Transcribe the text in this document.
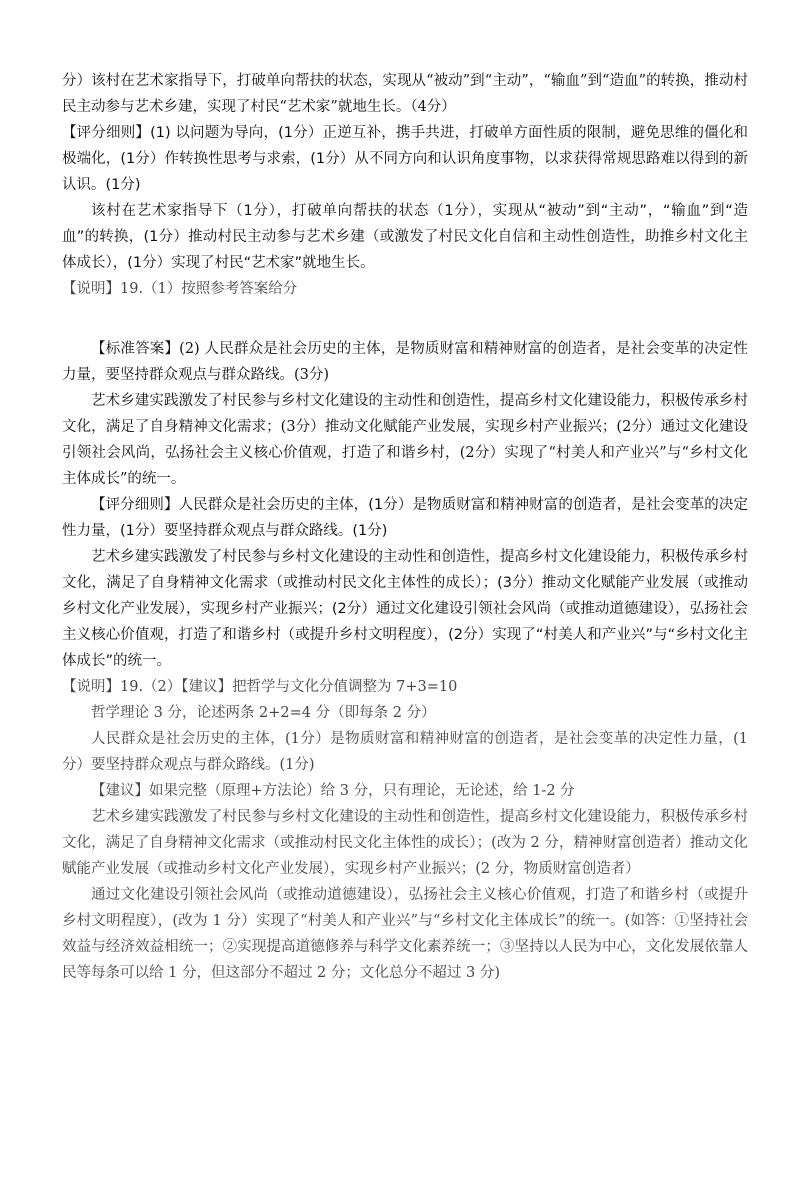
分）该村在艺术家指导下，打破单向帮扶的状态，实现从“被动”到“主动”，“输血”到“造血”的转换，推动村民主动参与艺术乡建，实现了村民“艺术家”就地生长。（4分）

【评分细则】(1) 以问题为导向，(1分）正逆互补，携手共进，打破单方面性质的限制，避免思维的僵化和极端化，(1分）作转换性思考与求索，(1分）从不同方向和认识角度事物，以求获得常规思路难以得到的新认识。(1分)

该村在艺术家指导下（1分），打破单向帮扶的状态（1分），实现从“被动”到“主动”，“输血”到“造血”的转换，(1分）推动村民主动参与艺术乡建（或激发了村民文化自信和主动性创造性，助推乡村文化主体成长），(1分）实现了村民“艺术家”就地生长。

【说明】19.（1）按照参考答案给分

【标准答案】(2) 人民群众是社会历史的主体，是物质财富和精神财富的创造者，是社会变革的决定性力量，要坚持群众观点与群众路线。(3分)

艺术乡建实践激发了村民参与乡村文化建设的主动性和创造性，提高乡村文化建设能力，积极传承乡村文化，满足了自身精神文化需求；(3分）推动文化赋能产业发展，实现乡村产业振兴；(2分）通过文化建设引领社会风尚，弘扬社会主义核心价值观，打造了和谐乡村，(2分）实现了“村美人和产业兴”与“乡村文化主体成长”的统一。

【评分细则】人民群众是社会历史的主体，(1分）是物质财富和精神财富的创造者，是社会变革的决定性力量，(1分）要坚持群众观点与群众路线。(1分)

艺术乡建实践激发了村民参与乡村文化建设的主动性和创造性，提高乡村文化建设能力，积极传承乡村文化，满足了自身精神文化需求（或推动村民文化主体性的成长）；(3分）推动文化赋能产业发展（或推动乡村文化产业发展），实现乡村产业振兴；(2分）通过文化建设引领社会风尚（或推动道德建设），弘扬社会主义核心价值观，打造了和谐乡村（或提升乡村文明程度），(2分）实现了“村美人和产业兴”与“乡村文化主体成长”的统一。

【说明】19.（2）【建议】把哲学与文化分值调整为 7+3=10

哲学理论 3 分，论述两条 2+2=4 分（即每条 2 分）

人民群众是社会历史的主体，(1分）是物质财富和精神财富的创造者，是社会变革的决定性力量，(1分）要坚持群众观点与群众路线。(1分)

【建议】如果完整（原理+方法论）给 3 分，只有理论，无论述，给 1-2 分

艺术乡建实践激发了村民参与乡村文化建设的主动性和创造性，提高乡村文化建设能力，积极传承乡村文化，满足了自身精神文化需求（或推动村民文化主体性的成长）；(改为 2 分，精神财富创造者）推动文化赋能产业发展（或推动乡村文化产业发展），实现乡村产业振兴；(2 分，物质财富创造者）

通过文化建设引领社会风尚（或推动道德建设），弘扬社会主义核心价值观，打造了和谐乡村（或提升乡村文明程度），(改为 1 分）实现了“村美人和产业兴”与“乡村文化主体成长”的统一。(如答：①坚持社会效益与经济效益相统一；②实现提高道德修养与科学文化素养统一；③坚持以人民为中心，文化发展依靠人民等每条可以给 1 分，但这部分不超过 2 分；文化总分不超过 3 分)
